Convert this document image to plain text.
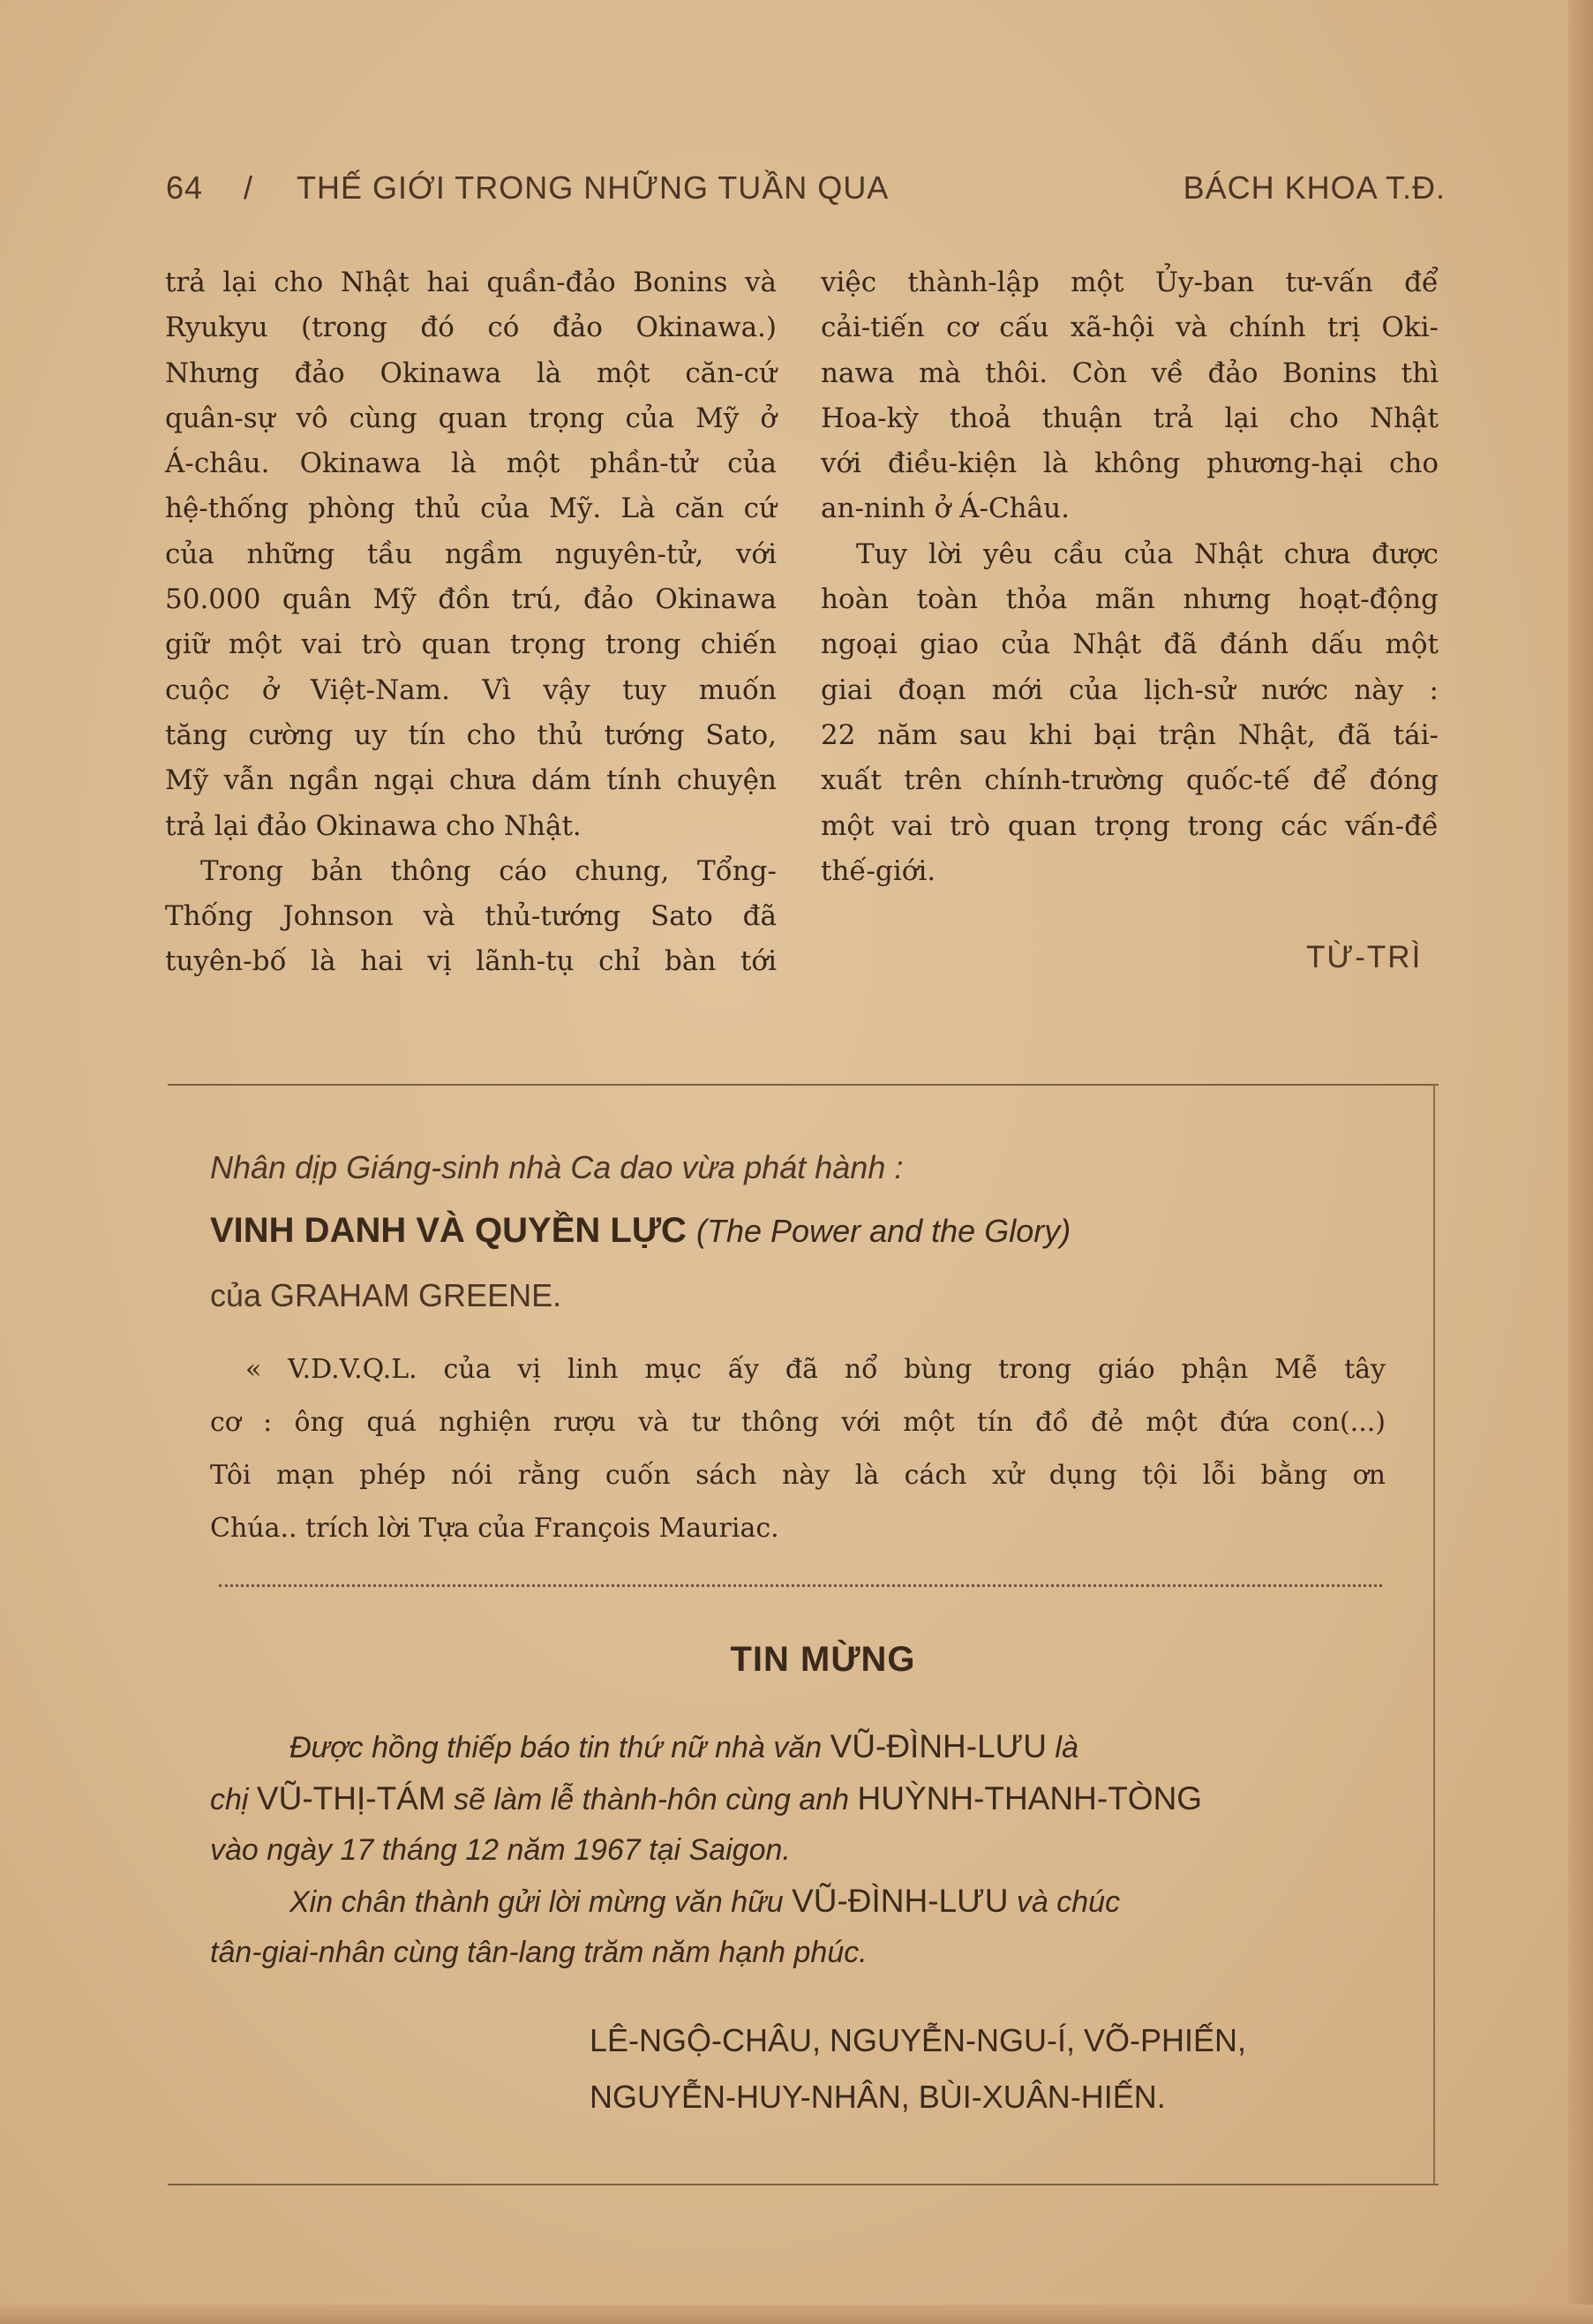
64 / THẾ GIỚI TRONG NHỮNG TUẦN QUA	BÁCH KHOA T.Đ.
trả lại cho Nhật hai quần-đảo Bonins và
Ryukyu (trong đó có đảo Okinawa.)
Nhưng đảo Okinawa là một căn-cứ
quân-sự vô cùng quan trọng của Mỹ ở
Á-châu. Okinawa là một phần-tử của
hệ-thống phòng thủ của Mỹ. Là căn cứ
của những tầu ngầm nguyên-tử, với
50.000 quân Mỹ đồn trú, đảo Okinawa
giữ một vai trò quan trọng trong chiến
cuộc ở Việt-Nam. Vì vậy tuy muốn
tăng cường uy tín cho thủ tướng Sato,
Mỹ vẫn ngần ngại chưa dám tính chuyện
trả lại đảo Okinawa cho Nhật.
Trong bản thông cáo chung, Tổng-
Thống Johnson và thủ-tướng Sato đã
tuyên-bố là hai vị lãnh-tụ chỉ bàn tới
việc thành-lập một Ủy-ban tư-vấn để
cải-tiến cơ cấu xã-hội và chính trị Oki-
nawa mà thôi. Còn về đảo Bonins thì
Hoa-kỳ thoả thuận trả lại cho Nhật
với điều-kiện là không phương-hại cho
an-ninh ở Á-Châu.
Tuy lời yêu cầu của Nhật chưa được
hoàn toàn thỏa mãn nhưng hoạt-động
ngoại giao của Nhật đã đánh dấu một
giai đoạn mới của lịch-sử nước này :
22 năm sau khi bại trận Nhật, đã tái-
xuất trên chính-trường quốc-tế để đóng
một vai trò quan trọng trong các vấn-đề
thế-giới.
TỪ-TRÌ
Nhân dịp Giáng-sinh nhà Ca dao vừa phát hành :
VINH DANH VÀ QUYỀN LỰC (The Power and the Glory)
của GRAHAM GREENE.
« V.D.V.Q.L. của vị linh mục ấy đã nổ bùng trong giáo phận Mễ tây
cơ : ông quá nghiện rượu và tư thông với một tín đồ đẻ một đứa con(...)
Tôi mạn phép nói rằng cuốn sách này là cách xử dụng tội lỗi bằng ơn
Chúa.. trích lời Tựa của François Mauriac.
TIN MỪNG
Được hồng thiếp báo tin thứ nữ nhà văn VŨ-ĐÌNH-LƯU là
chị VŨ-THỊ-TÁM sẽ làm lễ thành-hôn cùng anh HUỲNH-THANH-TÒNG
vào ngày 17 tháng 12 năm 1967 tại Saigon.
Xin chân thành gửi lời mừng văn hữu VŨ-ĐÌNH-LƯU và chúc
tân-giai-nhân cùng tân-lang trăm năm hạnh phúc.
LÊ-NGỘ-CHÂU, NGUYỄN-NGU-Í, VÕ-PHIẾN,
NGUYỄN-HUY-NHÂN, BÙI-XUÂN-HIẾN.
